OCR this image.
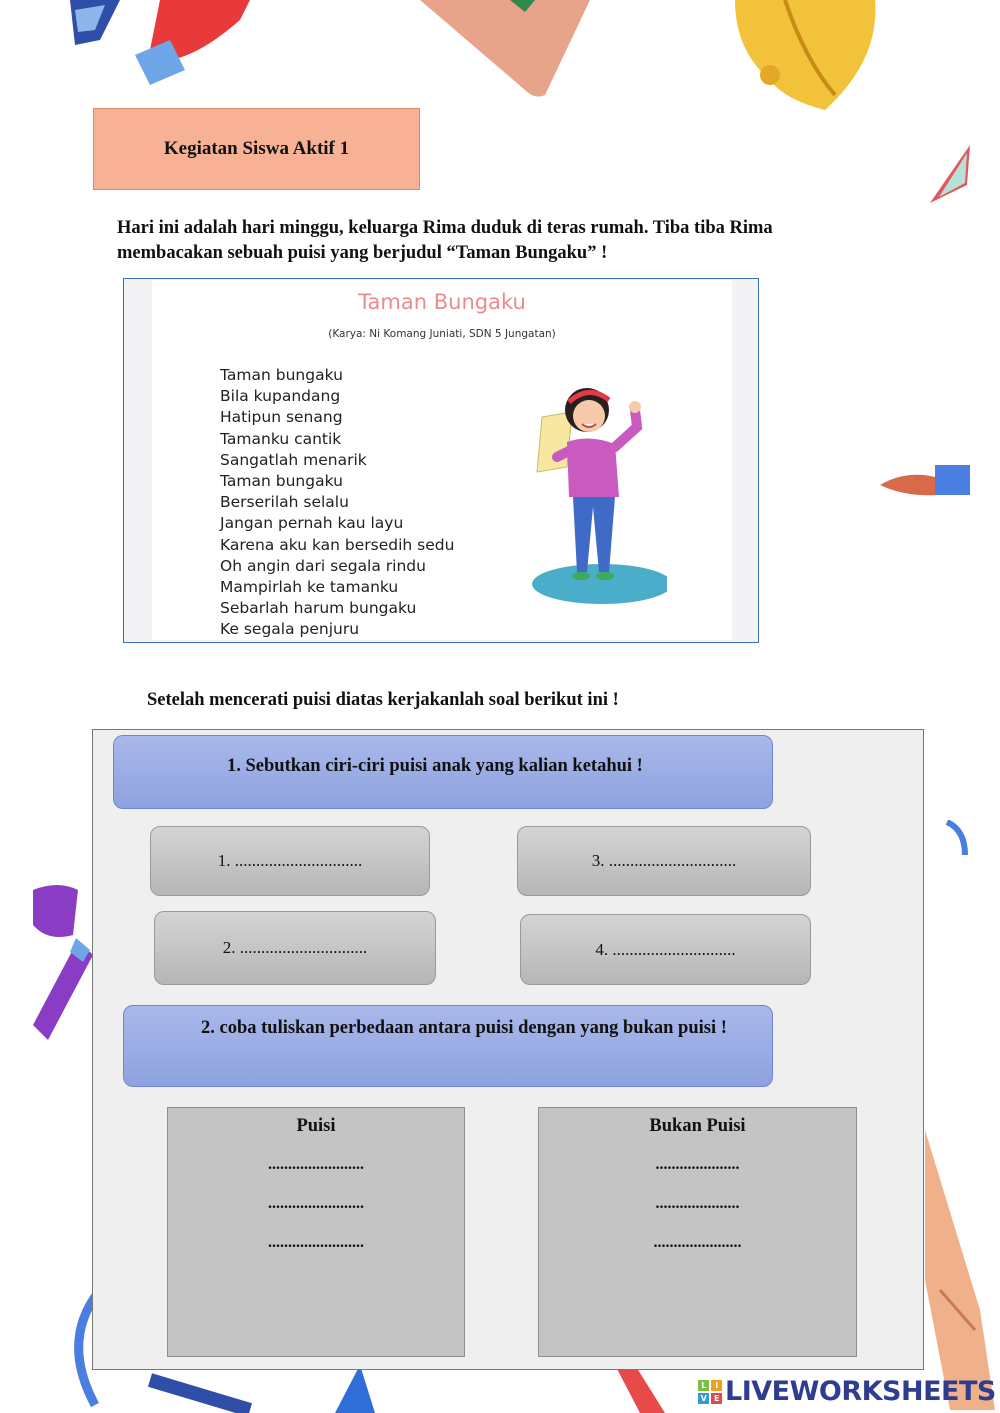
Kegiatan Siswa Aktif 1
Hari ini adalah hari minggu, keluarga Rima duduk di teras rumah. Tiba tiba Rima membacakan sebuah puisi yang berjudul “Taman Bungaku” !
Taman Bungaku
(Karya: Ni Komang Juniati, SDN 5 Jungatan)
Taman bungaku
Bila kupandang
Hatipun senang
Tamanku cantik
Sangatlah menarik
Taman bungaku
Berserilah selalu
Jangan pernah kau layu
Karena aku kan bersedih sedu
Oh angin dari segala rindu
Mampirlah ke tamanku
Sebarlah harum bungaku
Ke segala penjuru
Setelah mencerati puisi diatas kerjakanlah soal berikut ini !
1. Sebutkan ciri-ciri puisi anak yang kalian ketahui !
1. ..............................
2. ..............................
3. ..............................
4. .............................
2. coba tuliskan perbedaan antara puisi dengan yang bukan puisi !
Puisi
........................
........................
........................
Bukan Puisi
.....................
.....................
......................
L	I
V E LIVEWORKSHEETS
